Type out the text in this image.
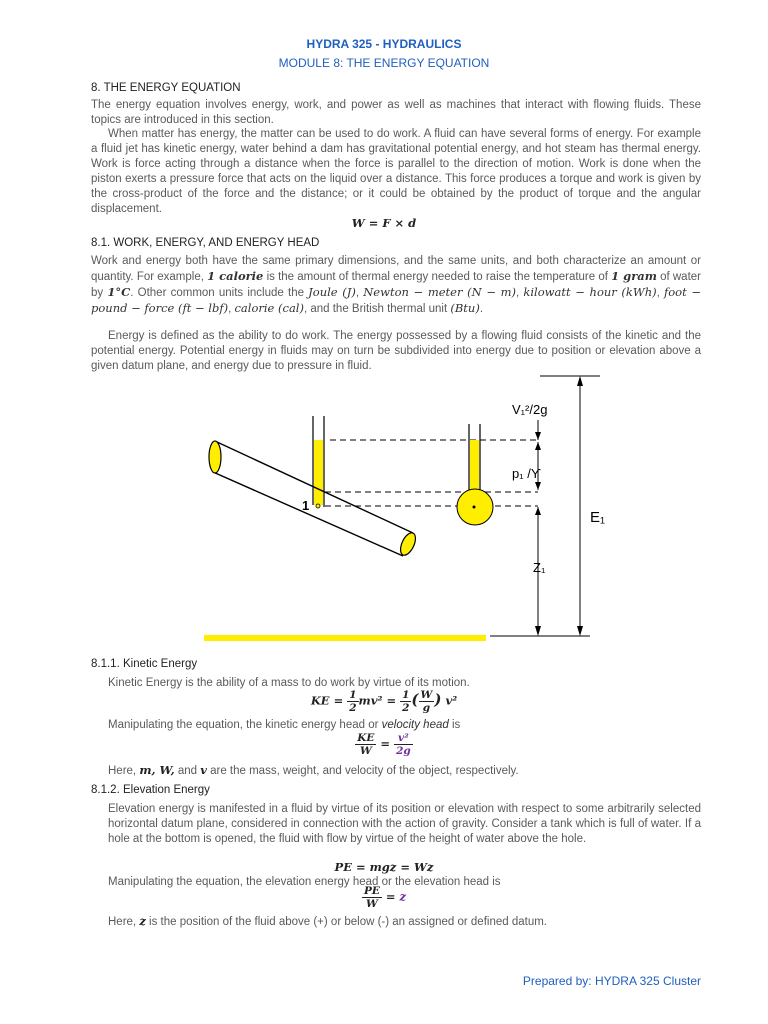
HYDRA 325 - HYDRAULICS
MODULE 8: THE ENERGY EQUATION
8. THE ENERGY EQUATION
The energy equation involves energy, work, and power as well as machines that interact with flowing fluids. These topics are introduced in this section.
When matter has energy, the matter can be used to do work. A fluid can have several forms of energy. For example a fluid jet has kinetic energy, water behind a dam has gravitational potential energy, and hot steam has thermal energy. Work is force acting through a distance when the force is parallel to the direction of motion. Work is done when the piston exerts a pressure force that acts on the liquid over a distance. This force produces a torque and work is given by the cross-product of the force and the distance; or it could be obtained by the product of torque and the angular displacement.
W = F × d
8.1. WORK, ENERGY, AND ENERGY HEAD
Work and energy both have the same primary dimensions, and the same units, and both characterize an amount or quantity. For example, 1 calorie is the amount of thermal energy needed to raise the temperature of 1 gram of water by 1°C. Other common units include the Joule (J), Newton − meter (N − m), kilowatt − hour (kWh), foot − pound − force (ft − lbf), calorie (cal), and the British thermal unit (Btu).
Energy is defined as the ability to do work. The energy possessed by a flowing fluid consists of the kinetic and the potential energy. Potential energy in fluids may on turn be subdivided into energy due to position or elevation above a given datum plane, and energy due to pressure in fluid.
V₁²/2g
p₁ /ϒ
E₁
Z₁
1
8.1.1. Kinetic Energy
Kinetic Energy is the ability of a mass to do work by virtue of its motion.
KE = $\frac{1}{2} mv^2 = \frac{1}{2}$ ( $\frac{W}{g}$ ) v²
Manipulating the equation, the kinetic energy head or velocity head is
$\frac{KE}{W} = \frac{\text{v²}}{2g}$
Here, m, W, and v are the mass, weight, and velocity of the object, respectively.
8.1.2. Elevation Energy
Elevation energy is manifested in a fluid by virtue of its position or elevation with respect to some arbitrarily selected horizontal datum plane, considered in connection with the action of gravity. Consider a tank which is full of water. If a hole at the bottom is opened, the fluid with flow by virtue of the height of water above the hole.
PE = mgz = Wz
Manipulating the equation, the elevation energy head or the elevation head is
$\frac{PE}{W} = z$
Here, z is the position of the fluid above (+) or below (-) an assigned or defined datum.
Prepared by: HYDRA 325 Cluster
